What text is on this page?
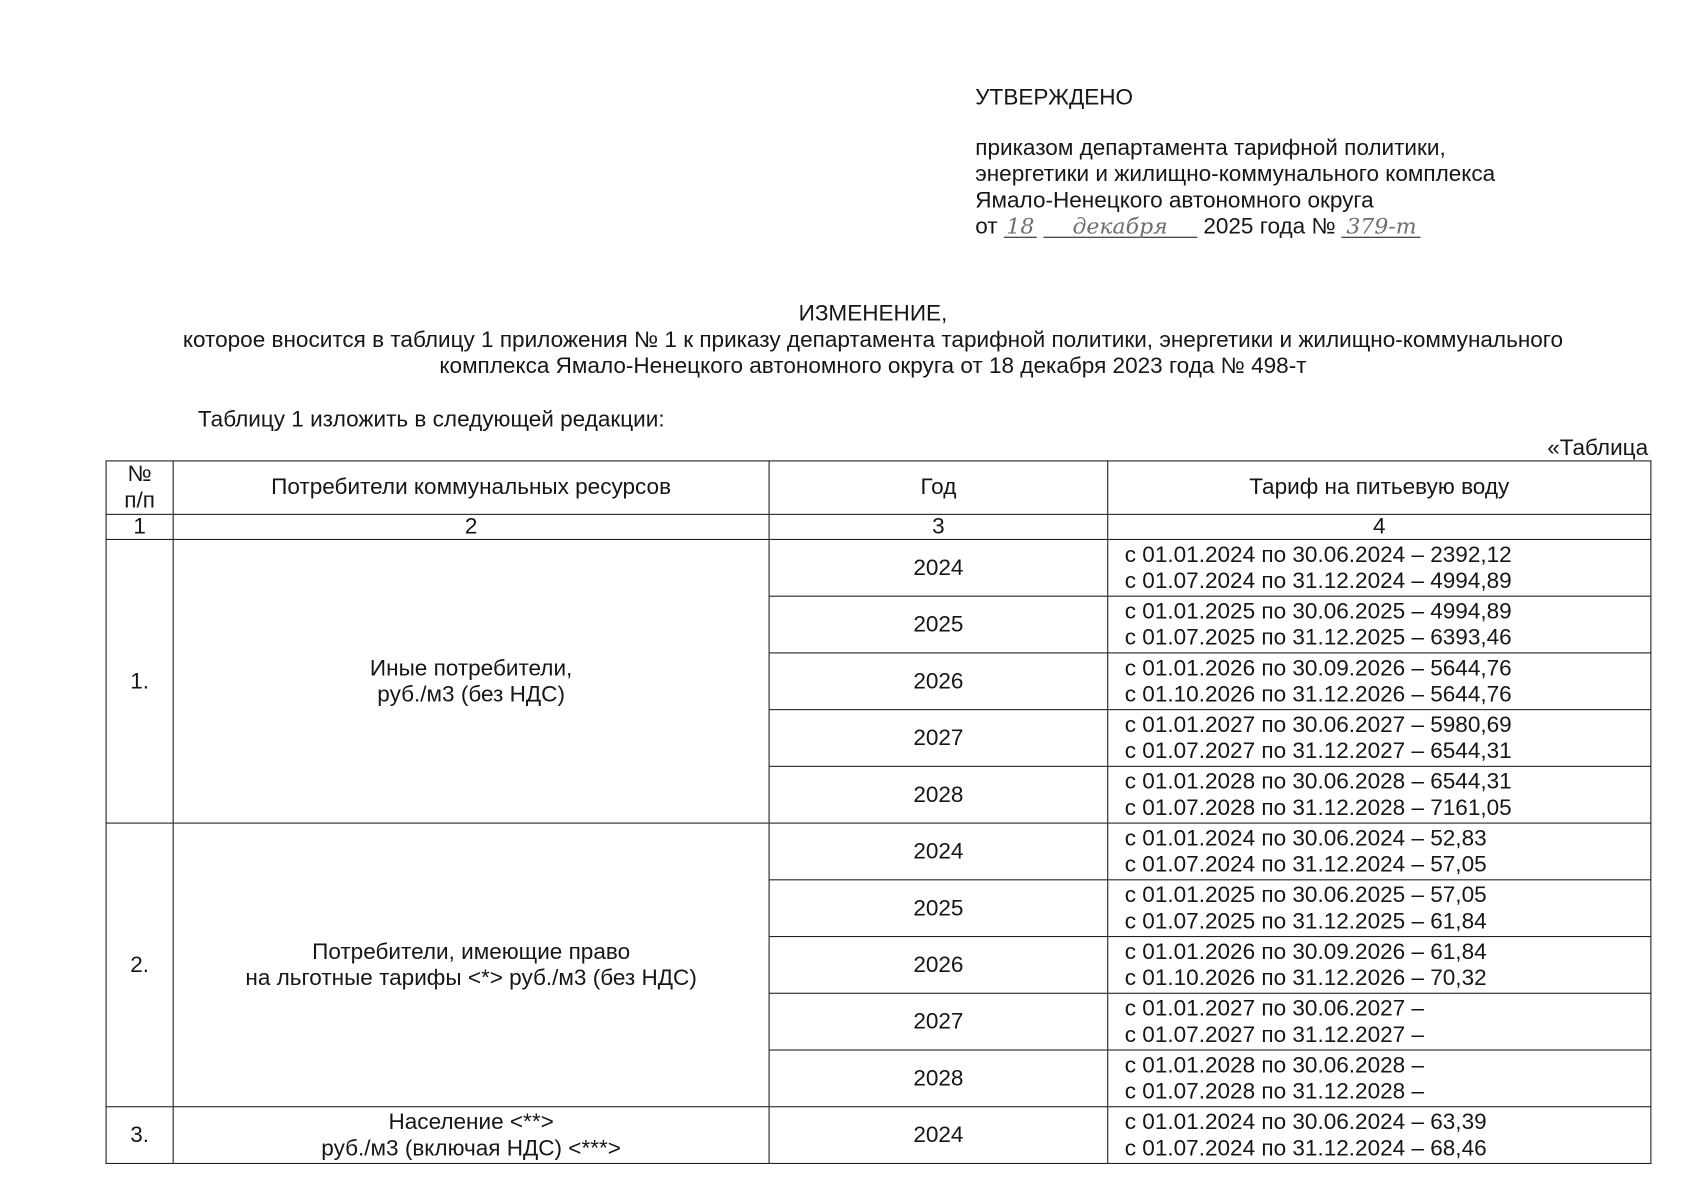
УТВЕРЖДЕНО
приказом департамента тарифной политики,
энергетики и жилищно-коммунального комплекса
Ямало-Ненецкого автономного округа
от 18 декабря 2025 года № 379-т
ИЗМЕНЕНИЕ,
которое вносится в таблицу 1 приложения № 1 к приказу департамента тарифной политики, энергетики и жилищно-коммунального
комплекса Ямало-Ненецкого автономного округа от 18 декабря 2023 года № 498-т
Таблицу 1 изложить в следующей редакции:
«Таблица
№
п/п	Потребители коммунальных ресурсов	Год	Тариф на питьевую воду
1	2	3	4
1.	Иные потребители,
руб./м3 (без НДС)	2024	с 01.01.2024 по 30.06.2024 – 2392,12
с 01.07.2024 по 31.12.2024 – 4994,89

		2025	с 01.01.2025 по 30.06.2025 – 4994,89
с 01.07.2025 по 31.12.2025 – 6393,46

		2026	с 01.01.2026 по 30.09.2026 – 5644,76
с 01.10.2026 по 31.12.2026 – 5644,76

		2027	с 01.01.2027 по 30.06.2027 – 5980,69
с 01.07.2027 по 31.12.2027 – 6544,31

		2028	с 01.01.2028 по 30.06.2028 – 6544,31
с 01.07.2028 по 31.12.2028 – 7161,05

2.	Потребители, имеющие право
на льготные тарифы <*> руб./м3 (без НДС)	2024	с 01.01.2024 по 30.06.2024 – 52,83
с 01.07.2024 по 31.12.2024 – 57,05

		2025	с 01.01.2025 по 30.06.2025 – 57,05
с 01.07.2025 по 31.12.2025 – 61,84

		2026	с 01.01.2026 по 30.09.2026 – 61,84
с 01.10.2026 по 31.12.2026 – 70,32

		2027	с 01.01.2027 по 30.06.2027 –
с 01.07.2027 по 31.12.2027 –

		2028	с 01.01.2028 по 30.06.2028 –
с 01.07.2028 по 31.12.2028 –

3.	Население <**>
руб./м3 (включая НДС) <***>	2024	с 01.01.2024 по 30.06.2024 – 63,39
с 01.07.2024 по 31.12.2024 – 68,46
